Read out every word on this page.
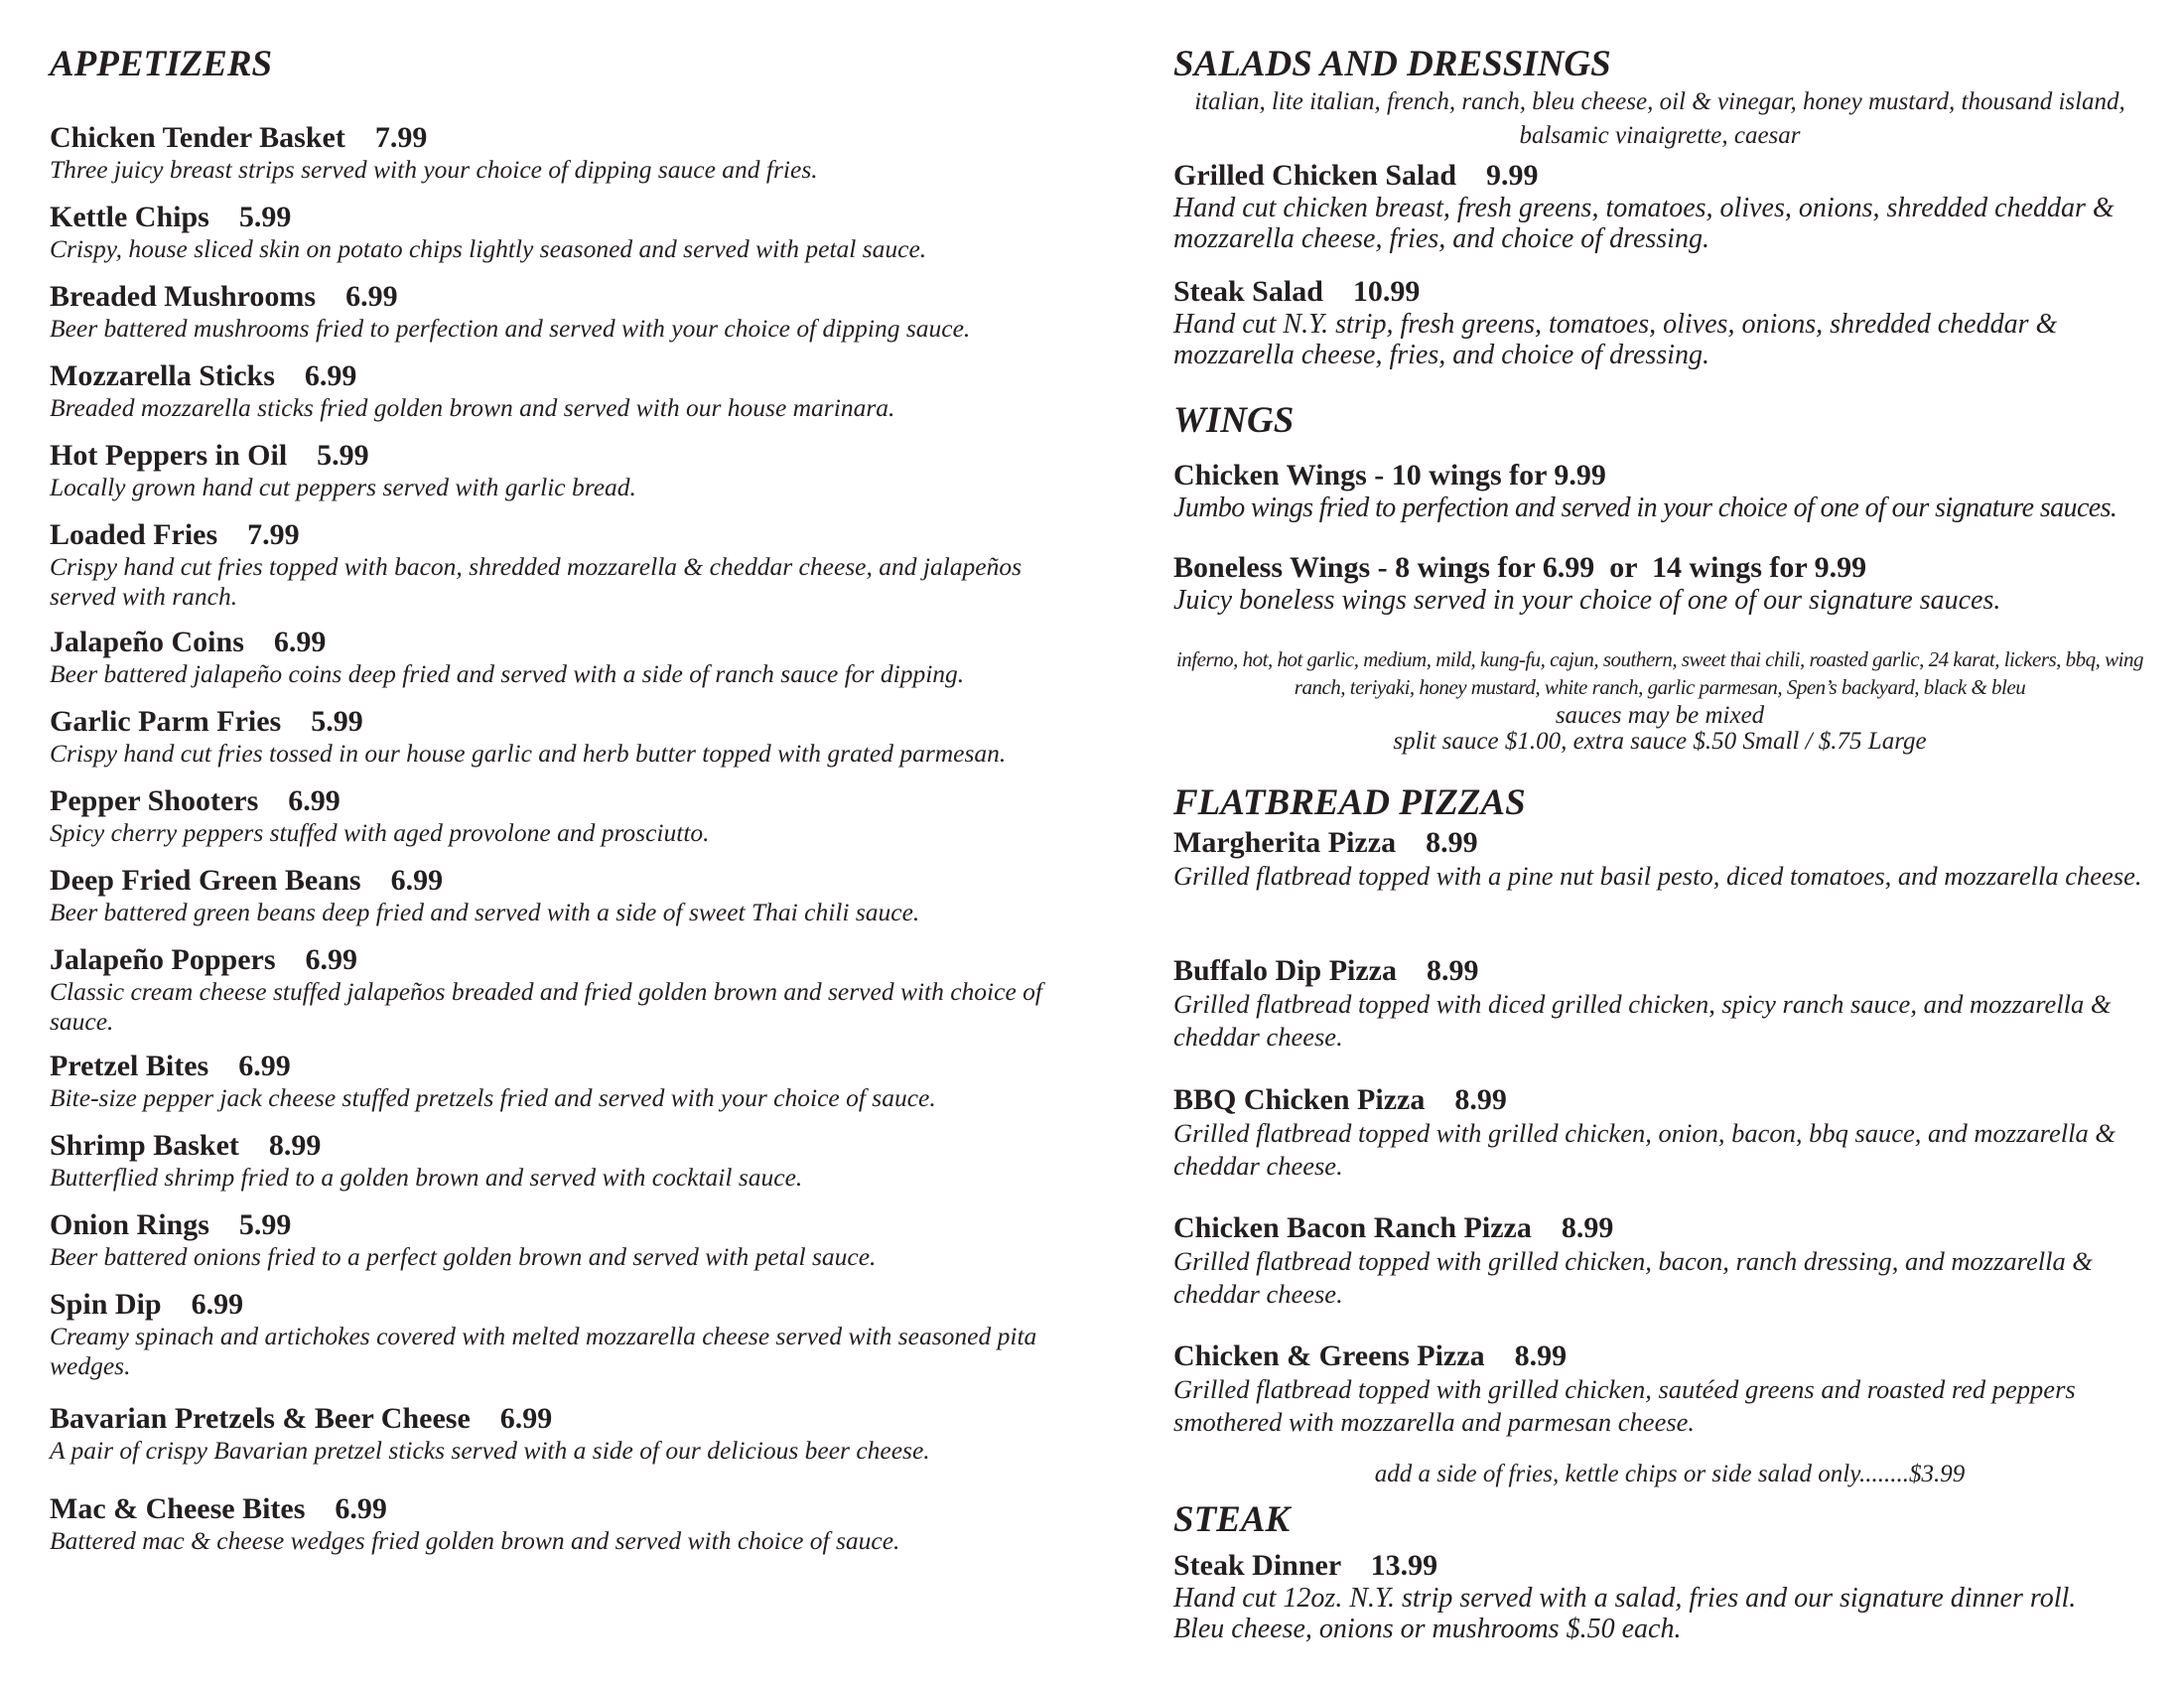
APPETIZERS
Chicken Tender Basket 7.99
Three juicy breast strips served with your choice of dipping sauce and fries.
Kettle Chips 5.99
Crispy, house sliced skin on potato chips lightly seasoned and served with petal sauce.
Breaded Mushrooms 6.99
Beer battered mushrooms fried to perfection and served with your choice of dipping sauce.
Mozzarella Sticks 6.99
Breaded mozzarella sticks fried golden brown and served with our house marinara.
Hot Peppers in Oil 5.99
Locally grown hand cut peppers served with garlic bread.
Loaded Fries 7.99
Crispy hand cut fries topped with bacon, shredded mozzarella & cheddar cheese, and jalapeños served with ranch.
Jalapeño Coins 6.99
Beer battered jalapeño coins deep fried and served with a side of ranch sauce for dipping.
Garlic Parm Fries 5.99
Crispy hand cut fries tossed in our house garlic and herb butter topped with grated parmesan.
Pepper Shooters 6.99
Spicy cherry peppers stuffed with aged provolone and prosciutto.
Deep Fried Green Beans 6.99
Beer battered green beans deep fried and served with a side of sweet Thai chili sauce.
Jalapeño Poppers 6.99
Classic cream cheese stuffed jalapeños breaded and fried golden brown and served with choice of sauce.
Pretzel Bites 6.99
Bite-size pepper jack cheese stuffed pretzels fried and served with your choice of sauce.
Shrimp Basket 8.99
Butterflied shrimp fried to a golden brown and served with cocktail sauce.
Onion Rings 5.99
Beer battered onions fried to a perfect golden brown and served with petal sauce.
Spin Dip 6.99
Creamy spinach and artichokes covered with melted mozzarella cheese served with seasoned pita wedges.
Bavarian Pretzels & Beer Cheese 6.99
A pair of crispy Bavarian pretzel sticks served with a side of our delicious beer cheese.
Mac & Cheese Bites 6.99
Battered mac & cheese wedges fried golden brown and served with choice of sauce.
SALADS AND DRESSINGS
italian, lite italian, french, ranch, bleu cheese, oil & vinegar, honey mustard, thousand island, balsamic vinaigrette, caesar
Grilled Chicken Salad 9.99
Hand cut chicken breast, fresh greens, tomatoes, olives, onions, shredded cheddar & mozzarella cheese, fries, and choice of dressing.
Steak Salad 10.99
Hand cut N.Y. strip, fresh greens, tomatoes, olives, onions, shredded cheddar & mozzarella cheese, fries, and choice of dressing.
WINGS
Chicken Wings - 10 wings for 9.99
Jumbo wings fried to perfection and served in your choice of one of our signature sauces.
Boneless Wings - 8 wings for 6.99  or  14 wings for 9.99
Juicy boneless wings served in your choice of one of our signature sauces.
inferno, hot, hot garlic, medium, mild, kung-fu, cajun, southern, sweet thai chili, roasted garlic, 24 karat, lickers, bbq, wing ranch, teriyaki, honey mustard, white ranch, garlic parmesan, Spen’s backyard, black & bleu
sauces may be mixed
split sauce $1.00, extra sauce $.50 Small / $.75 Large
FLATBREAD PIZZAS
Margherita Pizza 8.99
Grilled flatbread topped with a pine nut basil pesto, diced tomatoes, and mozzarella cheese.
Buffalo Dip Pizza 8.99
Grilled flatbread topped with diced grilled chicken, spicy ranch sauce, and mozzarella & cheddar cheese.
BBQ Chicken Pizza 8.99
Grilled flatbread topped with grilled chicken, onion, bacon, bbq sauce, and mozzarella & cheddar cheese.
Chicken Bacon Ranch Pizza 8.99
Grilled flatbread topped with grilled chicken, bacon, ranch dressing, and mozzarella & cheddar cheese.
Chicken & Greens Pizza 8.99
Grilled flatbread topped with grilled chicken, sautéed greens and roasted red peppers smothered with mozzarella and parmesan cheese.
add a side of fries, kettle chips or side salad only........$3.99
STEAK
Steak Dinner 13.99
Hand cut 12oz. N.Y. strip served with a salad, fries and our signature dinner roll. Bleu cheese, onions or mushrooms $.50 each.
